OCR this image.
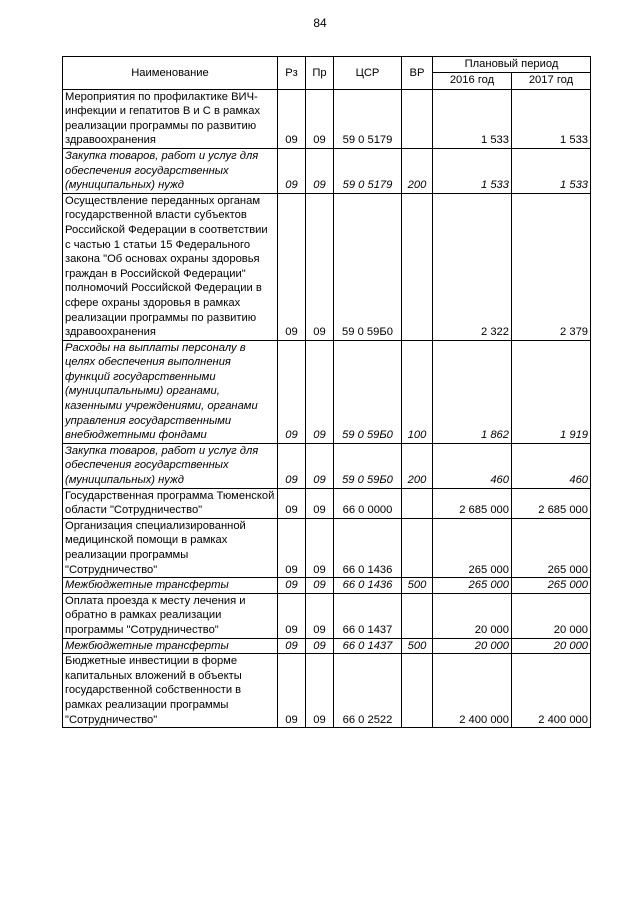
84
Наименование	Рз	Пр	ЦСР	ВР	Плановый период	
					2016 год	2017 год
Мероприятия по профилактике ВИЧ-инфекции и гепатитов В и С в рамках реализации программы по развитию здравоохранения	09	09	59 0 5179		1 533	1 533
Закупка товаров, работ и услуг для обеспечения государственных (муниципальных) нужд	09	09	59 0 5179	200	1 533	1 533
Осуществление переданных органам государственной власти субъектов Российской Федерации в соответствии с частью 1 статьи 15 Федерального закона "Об основах охраны здоровья граждан в Российской Федерации" полномочий Российской Федерации в сфере охраны здоровья в рамках реализации программы по развитию здравоохранения	09	09	59 0 59Б0		2 322	2 379
Расходы на выплаты персоналу в целях обеспечения выполнения функций государственными (муниципальными) органами, казенными учреждениями, органами управления государственными внебюджетными фондами	09	09	59 0 59Б0	100	1 862	1 919
Закупка товаров, работ и услуг для обеспечения государственных (муниципальных) нужд	09	09	59 0 59Б0	200	460	460
Государственная программа Тюменской области "Сотрудничество"	09	09	66 0 0000		2 685 000	2 685 000
Организация специализированной медицинской помощи в рамках реализации программы "Сотрудничество"	09	09	66 0 1436		265 000	265 000
Межбюджетные трансферты	09	09	66 0 1436	500	265 000	265 000
Оплата проезда к месту лечения и обратно в рамках реализации программы "Сотрудничество"	09	09	66 0 1437		20 000	20 000
Межбюджетные трансферты	09	09	66 0 1437	500	20 000	20 000
Бюджетные инвестиции в форме капитальных вложений в объекты государственной собственности в рамках реализации программы "Сотрудничество"	09	09	66 0 2522		2 400 000	2 400 000
